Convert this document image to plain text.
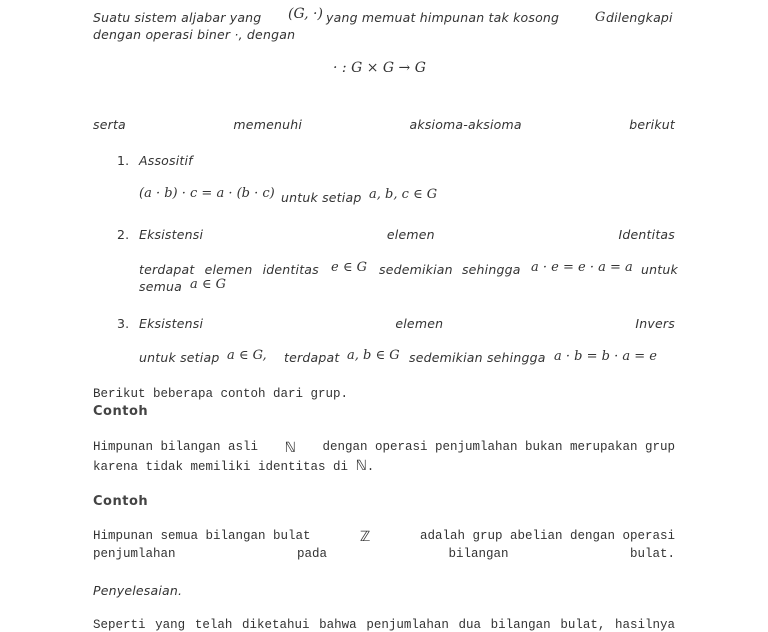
Suatu sistem aljabar yang	(G, ·) yang memuat himpunan tak kosong	G dilengkapi
dengan operasi biner ·, dengan
· : G × G → G
serta	memenuhi	aksioma-aksioma	berikut
1. Assositif
(a · b) · c = a · (b · c) untuk setiap a, b, c ∈ G
2. Eksistensi	elemen	Identitas
terdapat elemen identitas e ∈ G sedemikian sehingga a · e = e · a = a untuk
semua a ∈ G
3. Eksistensi	elemen	Invers
untuk setiap a ∈ G, terdapat a, b ∈ G sedemikian sehingga a · b = b · a = e
Berikut beberapa contoh dari grup.
Contoh
Himpunan bilangan asli ℕ dengan operasi penjumlahan bukan merupakan grup
karena tidak memiliki identitas di ℕ.
Contoh
Himpunan semua bilangan bulat	ℤ	adalah grup abelian dengan operasi
penjumlahan	pada	bilangan	bulat.
Penyelesaian.
Seperti yang telah diketahui bahwa penjumlahan dua bilangan bulat, hasilnya
